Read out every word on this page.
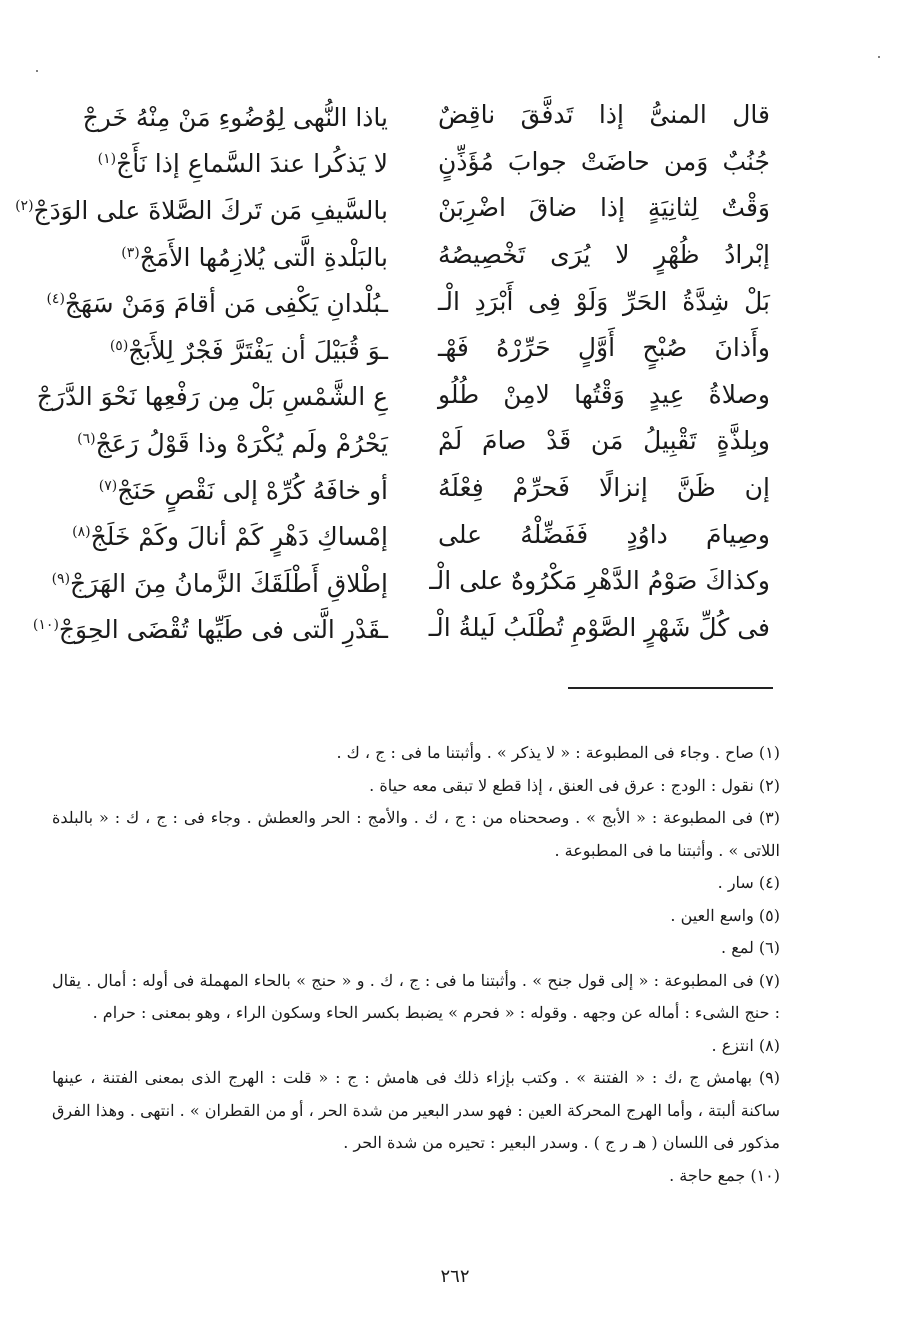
قال المنىُّ إذا تَدفَّقَ ناقِضٌ
ياذا النُّهى لِوُضُوءِ مَنْ مِنْهُ خَرجْ
جُنُبٌ وَمن حاضَتْ جوابَ مُؤَذِّنٍ
لا يَذكُرا عندَ السَّماعِ إذا نَأَجْ$^{(١)}$
وَقْتٌ لِثانِيَةٍ إذا ضاقَ اضْرِبَنْ
بالسَّيفِ مَن تَركَ الصَّلاةَ على الوَدَجْ$^{(٢)}$
إبْرادُ ظُهْرٍ لا يُرَى تَخْصِيصُهُ
بالبَلْدةِ الَّتى يُلازِمُها الأَمَجْ$^{(٣)}$
بَلْ شِدَّةُ الحَرِّ وَلَوْ فِى أَبْرَدِ الْـ
ـبُلْدانِ يَكْفِى مَن أقامَ وَمَنْ سَهَجْ$^{(٤)}$
وأَذانَ صُبْحٍ أَوَّلٍ حَرِّرْهُ فَهْـ
ـوَ قُبَيْلَ أن يَفْتَرَّ فَجْرٌ لِلأَبَجْ$^{(٥)}$
وصلاةُ عِيدٍ وَقْتُها لامِنْ طُلُو
عِ الشَّمْسِ بَلْ مِن رَفْعِها نَحْوَ الدَّرَجْ
وبِلذَّةٍ تَقْبِيلُ مَن قَدْ صامَ لَمْ
يَحْرُمْ ولَم يُكْرَهْ وذا قَوْلُ رَعَجْ$^{(٦)}$
إن ظَنَّ إنزالًا فَحرِّمْ فِعْلَهُ
أو خافَهُ كُرِّهْ إلى نَقْصٍ حَنَجْ$^{(٧)}$
وصِيامَ داوُدٍ فَفَضِّلْهُ على
إمْساكِ دَهْرٍ كَمْ أنالَ وكَمْ خَلَجْ$^{(٨)}$
وكذاكَ صَوْمُ الدَّهْرِ مَكْرُوهٌ على الْـ
إطْلاقِ أَطْلَقَكَ الزَّمانُ مِنَ الهَرَجْ$^{(٩)}$
فى كُلِّ شَهْرٍ الصَّوْمِ تُطْلَبُ لَيلةُ الْـ
ـقَدْرِ الَّتى فى طَيِّها تُقْضَى الحِوَجْ$^{(١٠)}$
(١) صاح . وجاء فى المطبوعة : « لا يذكر » . وأثبتنا ما فى : ج ، ك .
(٢) نقول : الودج : عرق فى العنق ، إذا قطع لا تبقى معه حياة .
(٣) فى المطبوعة : « الأبج » . وصححناه من : ج ، ك . والأمج : الحر والعطش . وجاء فى : ج ، ك : « بالبلدة اللاتى » . وأثبتنا ما فى المطبوعة .
(٤) سار .
(٥) واسع العين .
(٦) لمع .
(٧) فى المطبوعة : « إلى قول جنح » . وأثبتنا ما فى : ج ، ك . و « حنج » بالحاء المهملة فى أوله : أمال . يقال : حنج الشىء : أماله عن وجهه . وقوله : « فحرم » يضبط بكسر الحاء وسكون الراء ، وهو بمعنى : حرام .
(٨) انتزع .
(٩) بهامش ج ،ك : « الفتنة » . وكتب بإزاء ذلك فى هامش : ج : « قلت : الهرج الذى بمعنى الفتنة ، عينها ساكنة ألبتة ، وأما الهرج المحركة العين : فهو سدر البعير من شدة الحر ، أو من القطران » . انتهى . وهذا الفرق مذكور فى اللسان ( هـ ر ج ) . وسدر البعير : تحيره من شدة الحر .
(١٠) جمع حاجة .
٢٦٢
